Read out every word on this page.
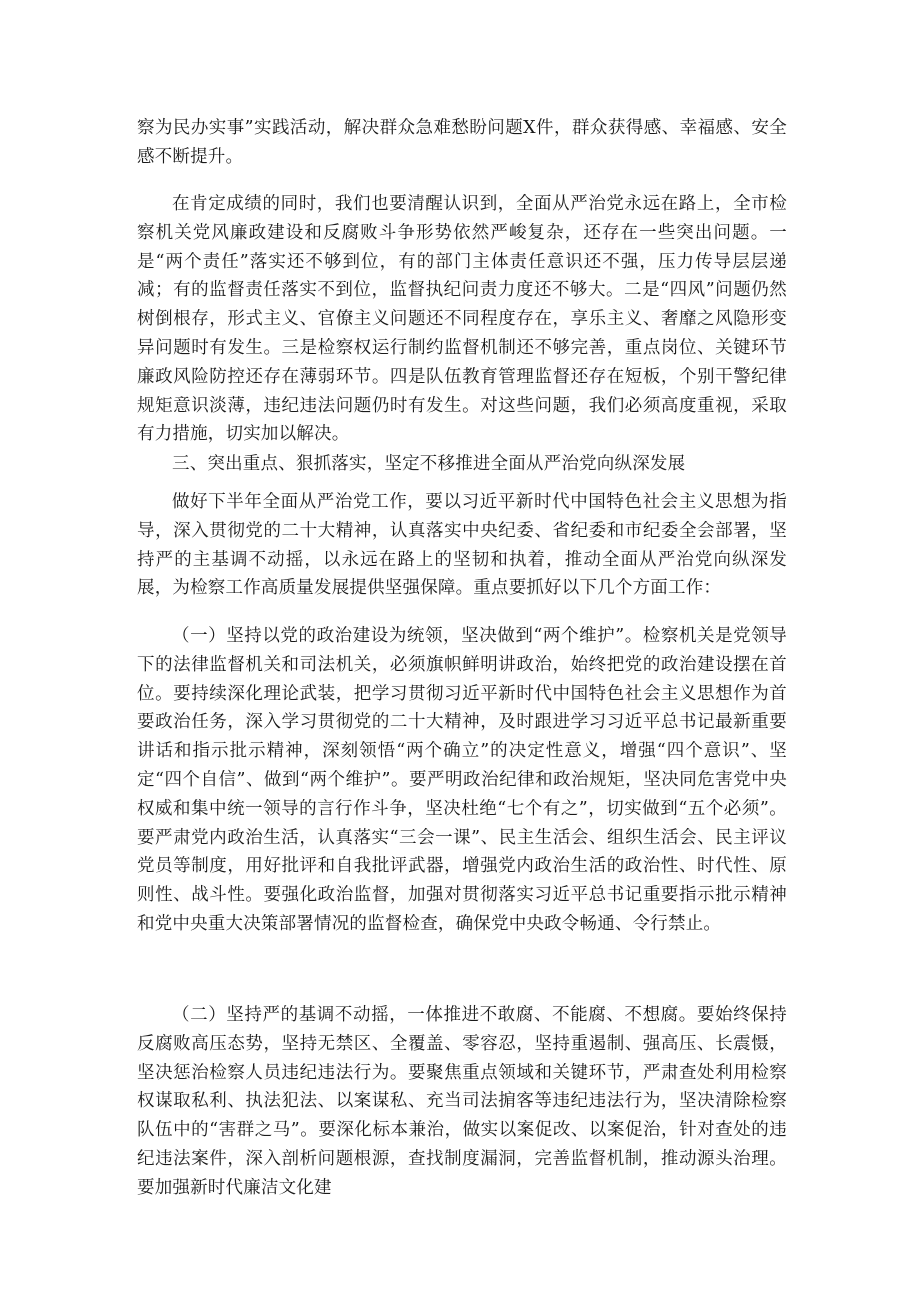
察为民办实事”实践活动，解决群众急难愁盼问题X件，群众获得感、幸福感、安全感不断提升。

在肯定成绩的同时，我们也要清醒认识到，全面从严治党永远在路上，全市检察机关党风廉政建设和反腐败斗争形势依然严峻复杂，还存在一些突出问题。一是“两个责任”落实还不够到位，有的部门主体责任意识还不强，压力传导层层递减；有的监督责任落实不到位，监督执纪问责力度还不够大。二是“四风”问题仍然树倒根存，形式主义、官僚主义问题还不同程度存在，享乐主义、奢靡之风隐形变异问题时有发生。三是检察权运行制约监督机制还不够完善，重点岗位、关键环节廉政风险防控还存在薄弱环节。四是队伍教育管理监督还存在短板，个别干警纪律规矩意识淡薄，违纪违法问题仍时有发生。对这些问题，我们必须高度重视，采取有力措施，切实加以解决。

三、突出重点、狠抓落实，坚定不移推进全面从严治党向纵深发展

做好下半年全面从严治党工作，要以习近平新时代中国特色社会主义思想为指导，深入贯彻党的二十大精神，认真落实中央纪委、省纪委和市纪委全会部署，坚持严的主基调不动摇，以永远在路上的坚韧和执着，推动全面从严治党向纵深发展，为检察工作高质量发展提供坚强保障。重点要抓好以下几个方面工作：

（一）坚持以党的政治建设为统领，坚决做到“两个维护”。检察机关是党领导下的法律监督机关和司法机关，必须旗帜鲜明讲政治，始终把党的政治建设摆在首位。要持续深化理论武装，把学习贯彻习近平新时代中国特色社会主义思想作为首要政治任务，深入学习贯彻党的二十大精神，及时跟进学习习近平总书记最新重要讲话和指示批示精神，深刻领悟“两个确立”的决定性意义，增强“四个意识”、坚定“四个自信”、做到“两个维护”。要严明政治纪律和政治规矩，坚决同危害党中央权威和集中统一领导的言行作斗争，坚决杜绝“七个有之”，切实做到“五个必须”。要严肃党内政治生活，认真落实“三会一课”、民主生活会、组织生活会、民主评议党员等制度，用好批评和自我批评武器，增强党内政治生活的政治性、时代性、原则性、战斗性。要强化政治监督，加强对贯彻落实习近平总书记重要指示批示精神和党中央重大决策部署情况的监督检查，确保党中央政令畅通、令行禁止。

（二）坚持严的基调不动摇，一体推进不敢腐、不能腐、不想腐。要始终保持反腐败高压态势，坚持无禁区、全覆盖、零容忍，坚持重遏制、强高压、长震慑，坚决惩治检察人员违纪违法行为。要聚焦重点领域和关键环节，严肃查处利用检察权谋取私利、执法犯法、以案谋私、充当司法掮客等违纪违法行为，坚决清除检察队伍中的“害群之马”。要深化标本兼治，做实以案促改、以案促治，针对查处的违纪违法案件，深入剖析问题根源，查找制度漏洞，完善监督机制，推动源头治理。要加强新时代廉洁文化建
